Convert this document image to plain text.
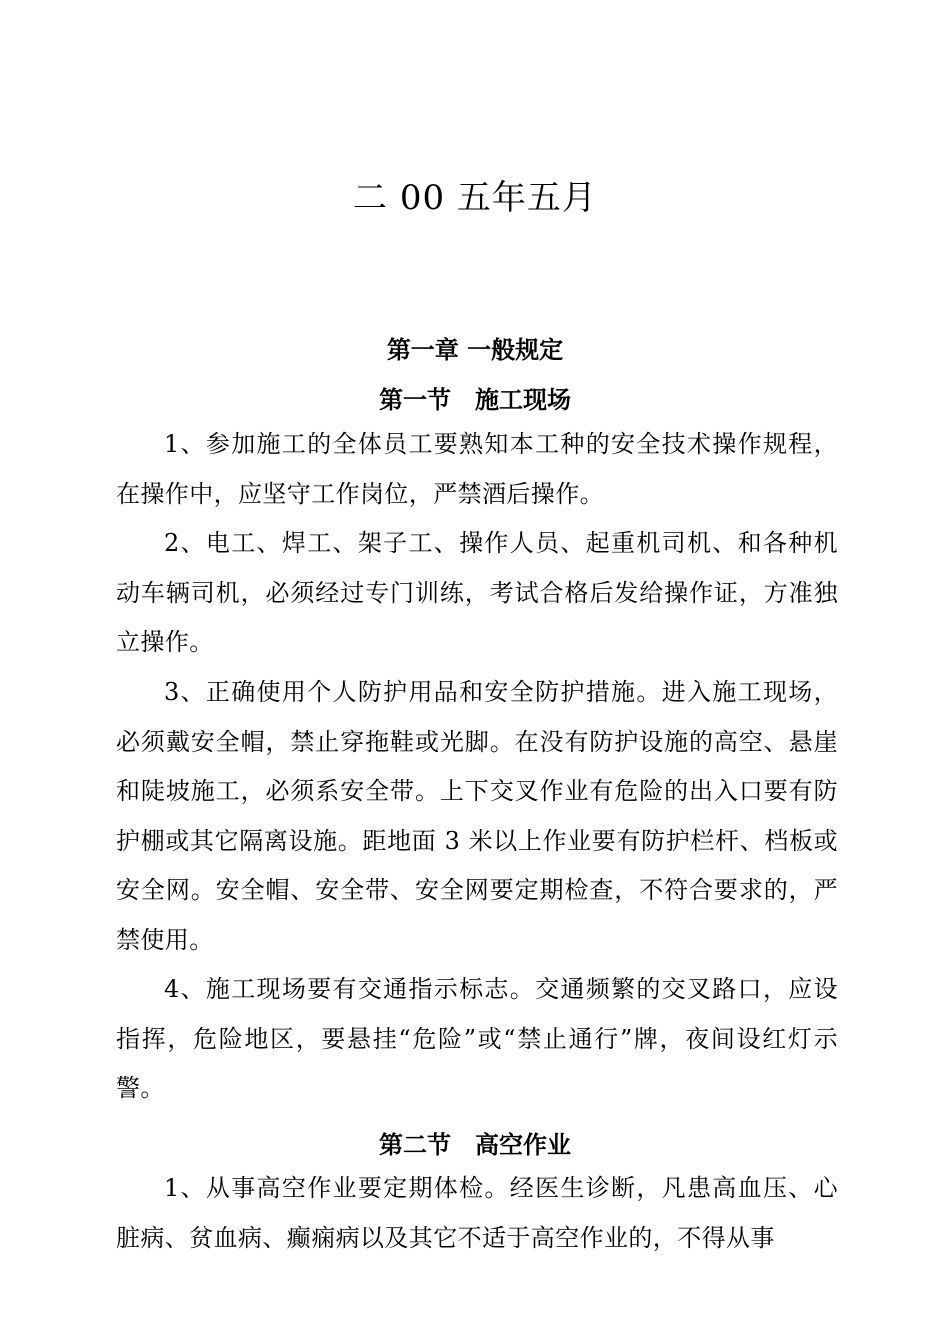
二 00 五年五月
第一章 一般规定
第一节　施工现场

1、参加施工的全体员工要熟知本工种的安全技术操作规程，在操作中，应坚守工作岗位，严禁酒后操作。

2、电工、焊工、架子工、操作人员、起重机司机、和各种机动车辆司机，必须经过专门训练，考试合格后发给操作证，方准独立操作。

3、正确使用个人防护用品和安全防护措施。进入施工现场，必须戴安全帽，禁止穿拖鞋或光脚。在没有防护设施的高空、悬崖和陡坡施工，必须系安全带。上下交叉作业有危险的出入口要有防护棚或其它隔离设施。距地面 3 米以上作业要有防护栏杆、档板或安全网。安全帽、安全带、安全网要定期检查，不符合要求的，严禁使用。

4、施工现场要有交通指示标志。交通频繁的交叉路口，应设指挥，危险地区，要悬挂“危险”或“禁止通行”牌，夜间设红灯示警。

第二节　高空作业

1、从事高空作业要定期体检。经医生诊断，凡患高血压、心脏病、贫血病、癫痫病以及其它不适于高空作业的，不得从事
